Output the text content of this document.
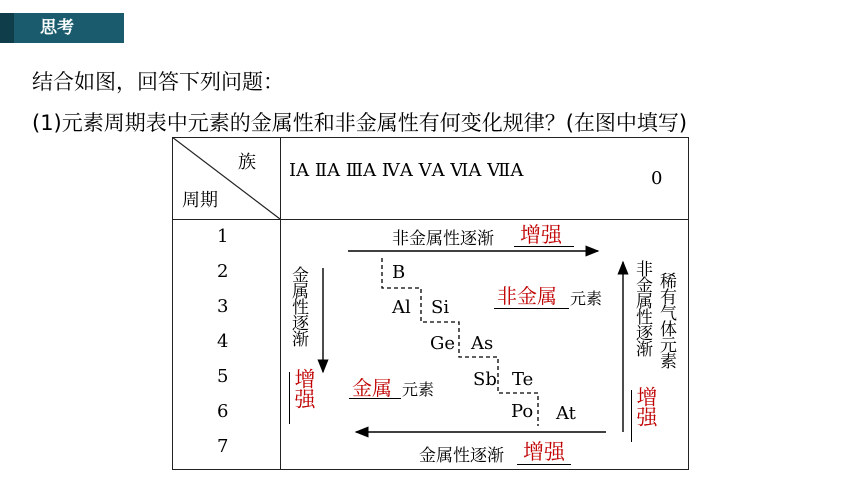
思考
结合如图，回答下列问题：
(1)元素周期表中元素的金属性和非金属性有何变化规律？(在图中填写)
族
周期
ⅠA ⅡA ⅢA ⅣA ⅤA ⅥA ⅦA	0
1
2
3
4
5
6
7
非金属性逐渐 增强
金属性逐渐 增强
金属性逐渐
增强
非金属性逐渐
增强
稀有气体元素
非金属 元素
金属 元素
B
Al Si
Ge As
Sb Te
Po At
